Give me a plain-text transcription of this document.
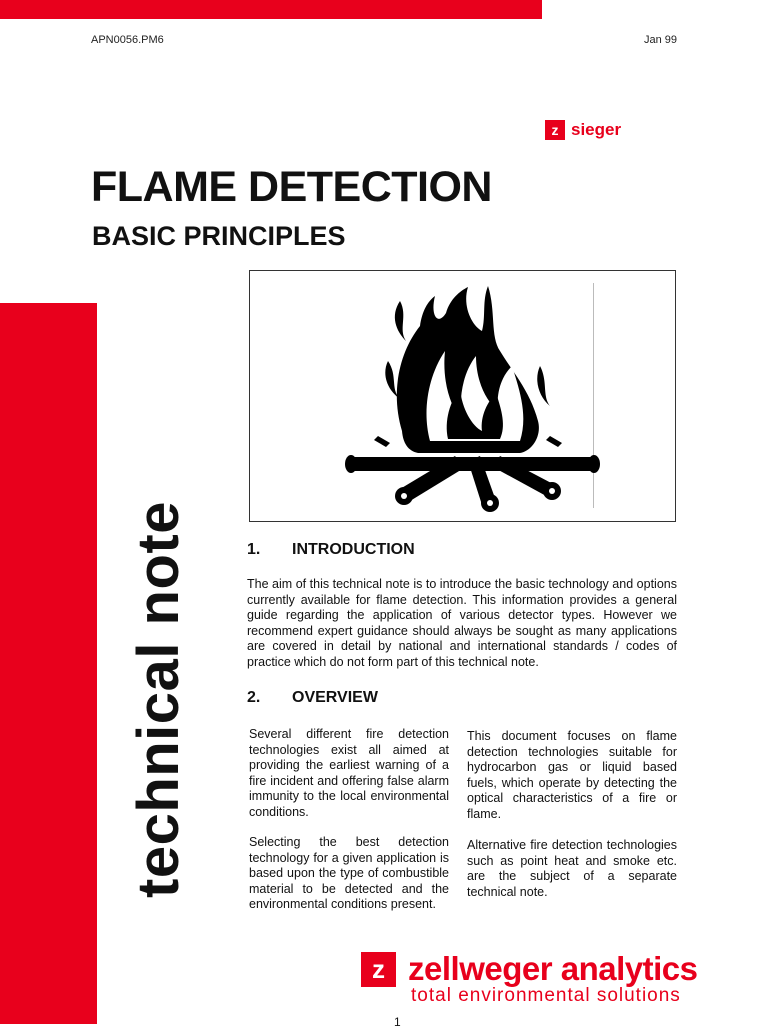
APN0056.PM6	Jan 99
z sieger
FLAME DETECTION
BASIC PRINCIPLES
technical note	1. INTRODUCTION
The aim of this technical note is to introduce the basic technology and options currently available for flame detection. This information provides a general guide regarding the application of various detector types. However we recommend expert guidance should always be sought as many applications are covered in detail by national and international standards / codes of practice which do not form part of this technical note.
2. OVERVIEW
Several different fire detection technologies exist all aimed at providing the earliest warning of a fire incident and offering false alarm immunity to the local environmental conditions.
Selecting the best detection technology for a given application is based upon the type of combustible material to be detected and the environmental conditions present.
This document focuses on flame detection technologies suitable for hydrocarbon gas or liquid based fuels, which operate by detecting the optical characteristics of a fire or flame.
Alternative fire detection technologies such as point heat and smoke etc. are the subject of a separate technical note.
z zellweger analytics
total environmental solutions
1
